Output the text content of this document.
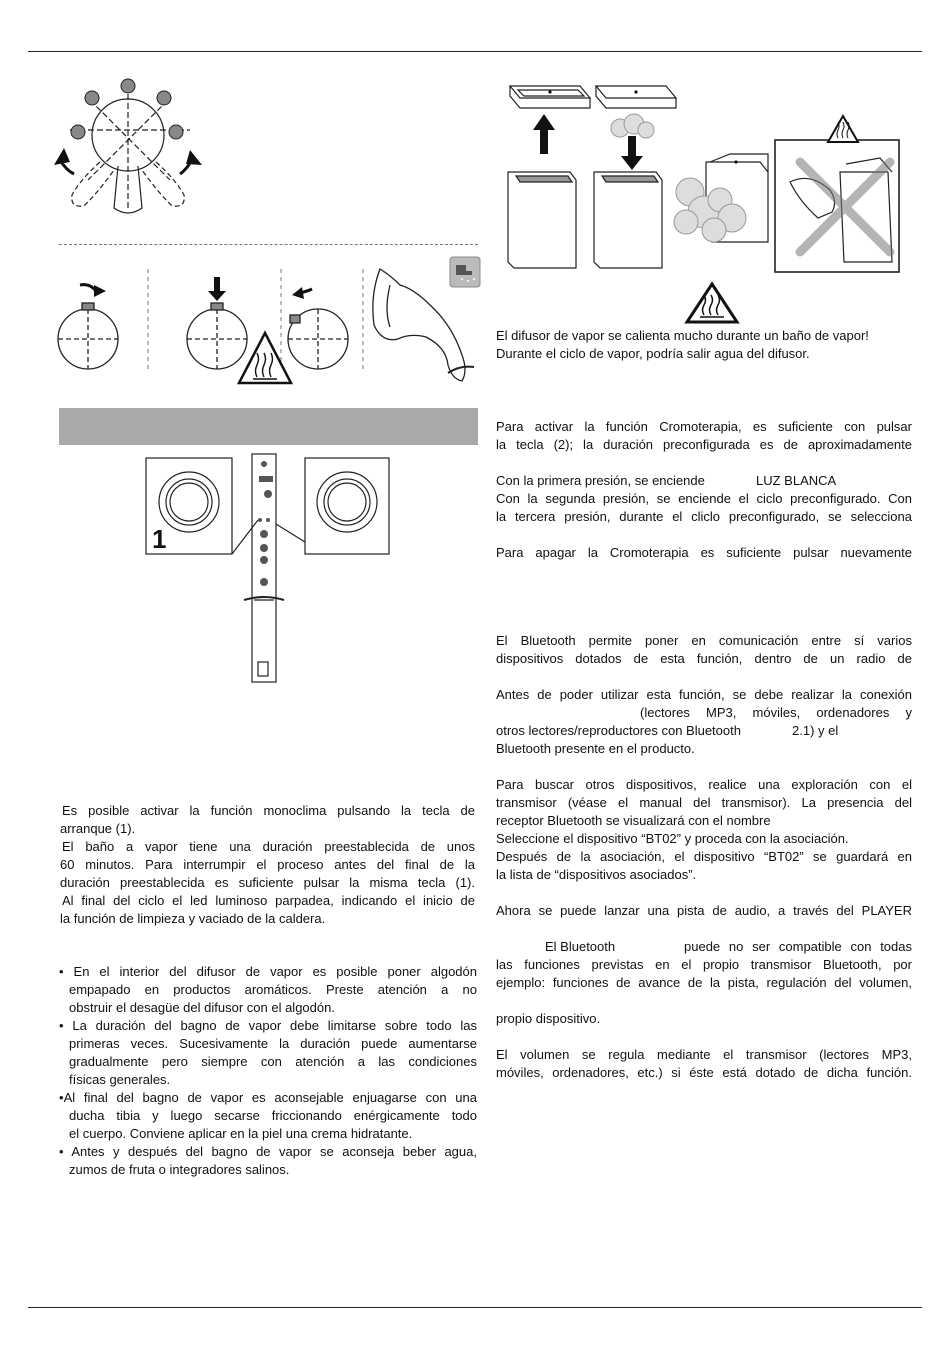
1

El difusor de vapor se calienta mucho durante un baño de vapor!

Durante el ciclo de vapor, podría salir agua del difusor.

Para activar la función Cromoterapia, es suficiente con pulsar

la tecla (2); la duración preconfigurada es de aproximadamente

Con la primera presión, se enciende	LUZ BLANCA

Con la segunda presión, se enciende el ciclo preconfigurado. Con

la tercera presión, durante el cliclo preconfigurado, se selecciona

Para apagar la Cromoterapia es suficiente pulsar nuevamente

El Bluetooth permite poner en comunicación entre sí varios

dispositivos dotados de esta función, dentro de un radio de

Antes de poder utilizar esta función, se debe realizar la conexión

(lectores MP3, móviles, ordenadores y

otros lectores/reproductores con Bluetooth	2.1) y el
Bluetooth presente en el producto.

Para buscar otros dispositivos, realice una exploración con el

transmisor (véase el manual del transmisor). La presencia del

receptor Bluetooth se visualizará con el nombre
Seleccione el dispositivo “BT02” y proceda con la asociación.

Después de la asociación, el dispositivo “BT02” se guardará en

la lista de “dispositivos asociados”.

Ahora se puede lanzar una pista de audio, a través del PLAYER

El Bluetooth	puede no ser compatible con todas

las funciones previstas en el propio transmisor Bluetooth, por

ejemplo: funciones de avance de la pista, regulación del volumen,

propio dispositivo.

El volumen se regula mediante el transmisor (lectores MP3,

móviles, ordenadores, etc.) si éste está dotado de dicha función.

Es posible activar la función monoclima pulsando la tecla de

arranque (1).

El baño a vapor tiene una duración preestablecida de unos

60 minutos. Para interrumpir el proceso antes del final de la

duración preestablecida es suficiente pulsar la misma tecla (1).

Al final del ciclo el led luminoso parpadea, indicando el inicio de

la función de limpieza y vaciado de la caldera.
• En el interior del difusor de vapor es posible poner algodón
empapado en productos aromáticos. Preste atención a no
obstruir el desagüe del difusor con el algodón.
• La duración del bagno de vapor debe limitarse sobre todo las
primeras veces. Sucesivamente la duración puede aumentarse
gradualmente pero siempre con atención a las condiciones
físicas generales.
•Al final del bagno de vapor es aconsejable enjuagarse con una
ducha tibia y luego secarse friccionando enérgicamente todo
el cuerpo. Conviene aplicar en la piel una crema hidratante.
• Antes y después del bagno de vapor se aconseja beber agua,
zumos de fruta o integradores salinos.
